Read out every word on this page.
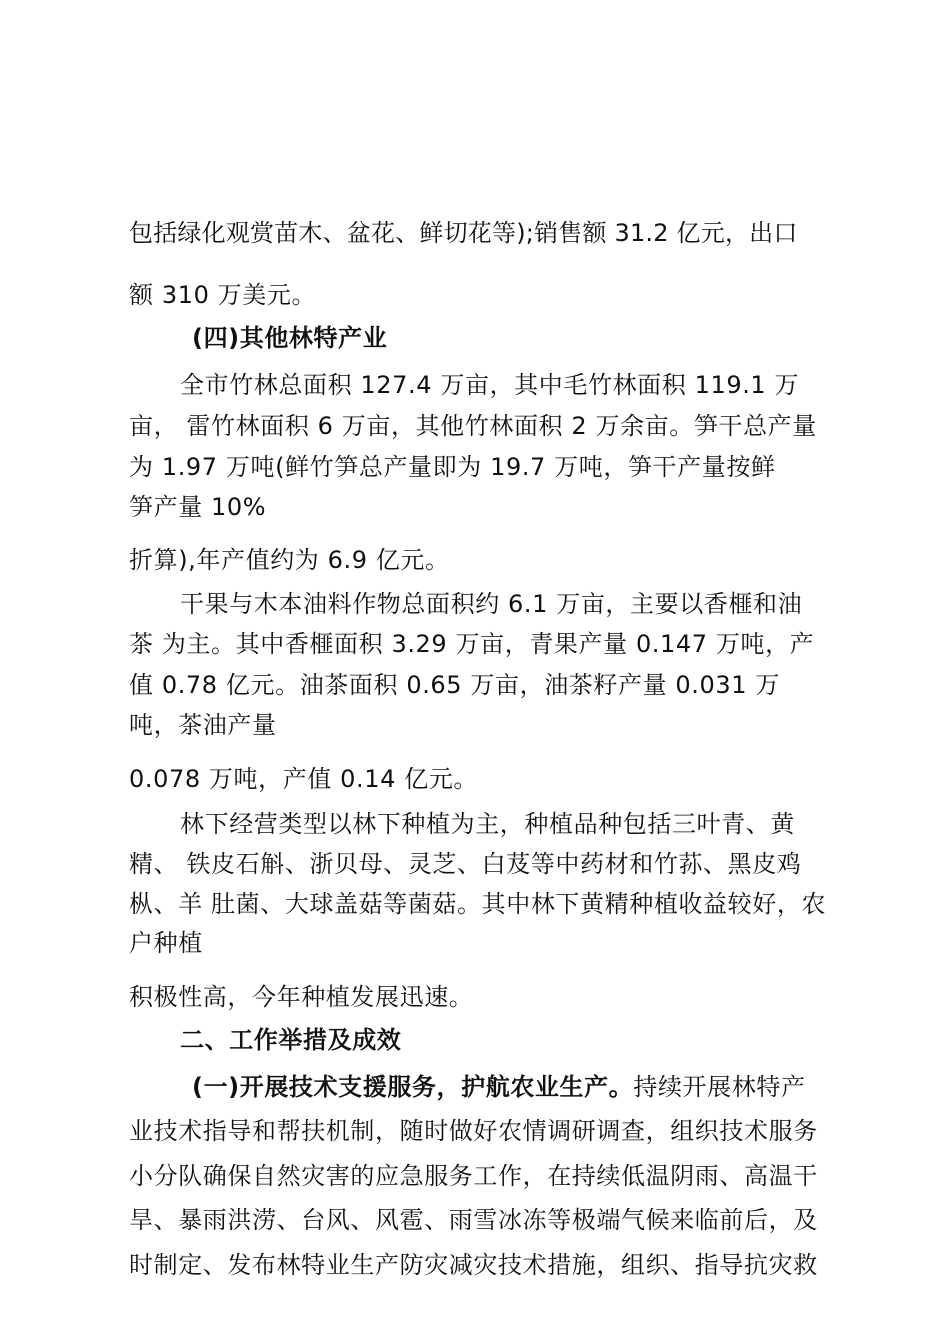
包括绿化观赏苗木、盆花、鲜切花等);销售额 31.2 亿元，出口
额 310 万美元。
(四)其他林特产业
全市竹林总面积 127.4 万亩，其中毛竹林面积 119.1 万
亩， 雷竹林面积 6 万亩，其他竹林面积 2 万余亩。笋干总产量
为 1.97 万吨(鲜竹笋总产量即为 19.7 万吨，笋干产量按鲜
笋产量 10%
折算),年产值约为 6.9 亿元。
干果与木本油料作物总面积约 6.1 万亩，主要以香榧和油
茶 为主。其中香榧面积 3.29 万亩，青果产量 0.147 万吨，产
值 0.78 亿元。油茶面积 0.65 万亩，油茶籽产量 0.031 万
吨，茶油产量
0.078 万吨，产值 0.14 亿元。
林下经营类型以林下种植为主，种植品种包括三叶青、黄
精、 铁皮石斛、浙贝母、灵芝、白芨等中药材和竹荪、黑皮鸡
枞、羊 肚菌、大球盖菇等菌菇。其中林下黄精种植收益较好，农
户种植
积极性高，今年种植发展迅速。
二、工作举措及成效
(一)开展技术支援服务，护航农业生产。持续开展林特产
业技术指导和帮扶机制，随时做好农情调研调查，组织技术服务
小分队确保自然灾害的应急服务工作，在持续低温阴雨、高温干
旱、暴雨洪涝、台风、风雹、雨雪冰冻等极端气候来临前后，及
时制定、发布林特业生产防灾减灾技术措施，组织、指导抗灾救
